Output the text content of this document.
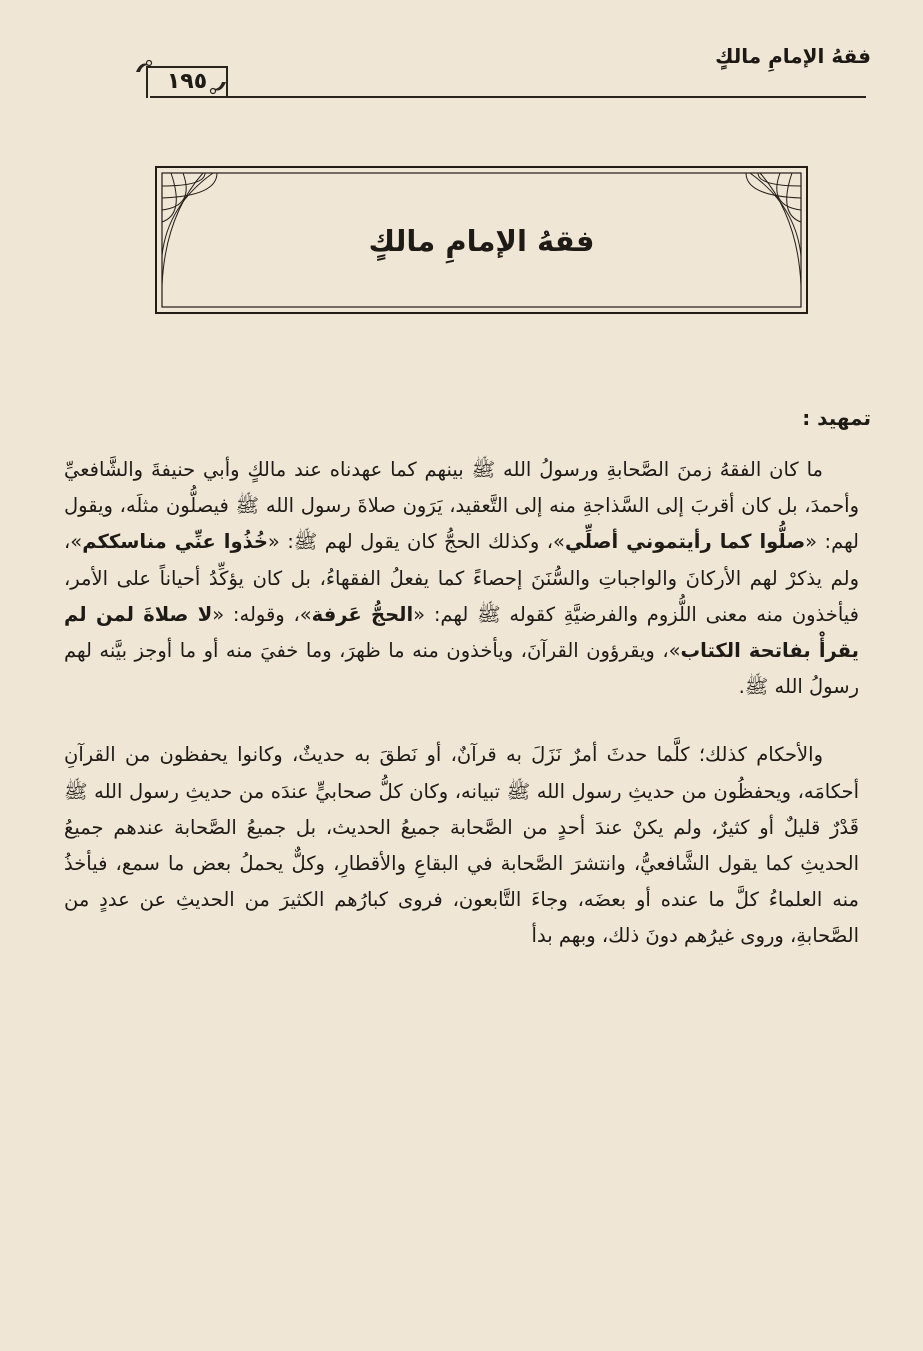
فقهُ الإمامِ مالكٍ
١٩٥
فقهُ الإمامِ مالكٍ
تمهيد :

ما كان الفقهُ زمنَ الصَّحابةِ ورسولُ الله ﷺ بينهم كما عهدناه عند مالكٍ وأبي حنيفةَ والشَّافعيِّ وأحمدَ، بل كان أقربَ إلى السَّذاجةِ منه إلى التَّعقيد، يَرَون صلاةَ رسول الله ﷺ فيصلُّون مثلَه، ويقول لهم: «صلُّوا كما رأيتموني أصلِّي»، وكذلك الحجُّ كان يقول لهم ﷺ: «خُذُوا عنِّي مناسككم»، ولم يذكرْ لهم الأركانَ والواجباتِ والسُّنَنَ إحصاءً كما يفعلُ الفقهاءُ، بل كان يؤكِّدُ أحياناً على الأمر، فيأخذون منه معنى اللُّزوم والفرضيَّةِ كقوله ﷺ لهم: «الحجُّ عَرفة»، وقوله: «لا صلاةَ لمن لم يقرأْ بفاتحة الكتاب»، ويقرؤون القرآنَ، ويأخذون منه ما ظهرَ، وما خفيَ منه أو ما أوجز بيَّنه لهم رسولُ الله ﷺ.

والأحكام كذلك؛ كلَّما حدثَ أمرٌ نَزَلَ به قرآنٌ، أو نَطقَ به حديثٌ، وكانوا يحفظون من القرآنِ أحكامَه، ويحفظُون من حديثِ رسول الله ﷺ تبيانه، وكان كلُّ صحابيٍّ عندَه من حديثِ رسول الله ﷺ قَدْرٌ قليلٌ أو كثيرٌ، ولم يكنْ عندَ أحدٍ من الصَّحابة جميعُ الحديث، بل جميعُ الصَّحابة عندهم جميعُ الحديثِ كما يقول الشَّافعيُّ، وانتشرَ الصَّحابة في البقاعِ والأقطارِ، وكلٌّ يحملُ بعض ما سمع، فيأخذُ منه العلماءُ كلَّ ما عنده أو بعضَه، وجاءَ التَّابعون، فروى كبارُهم الكثيرَ من الحديثِ عن عددٍ من الصَّحابةِ، وروى غيرُهم دونَ ذلك، وبهم بدأ
